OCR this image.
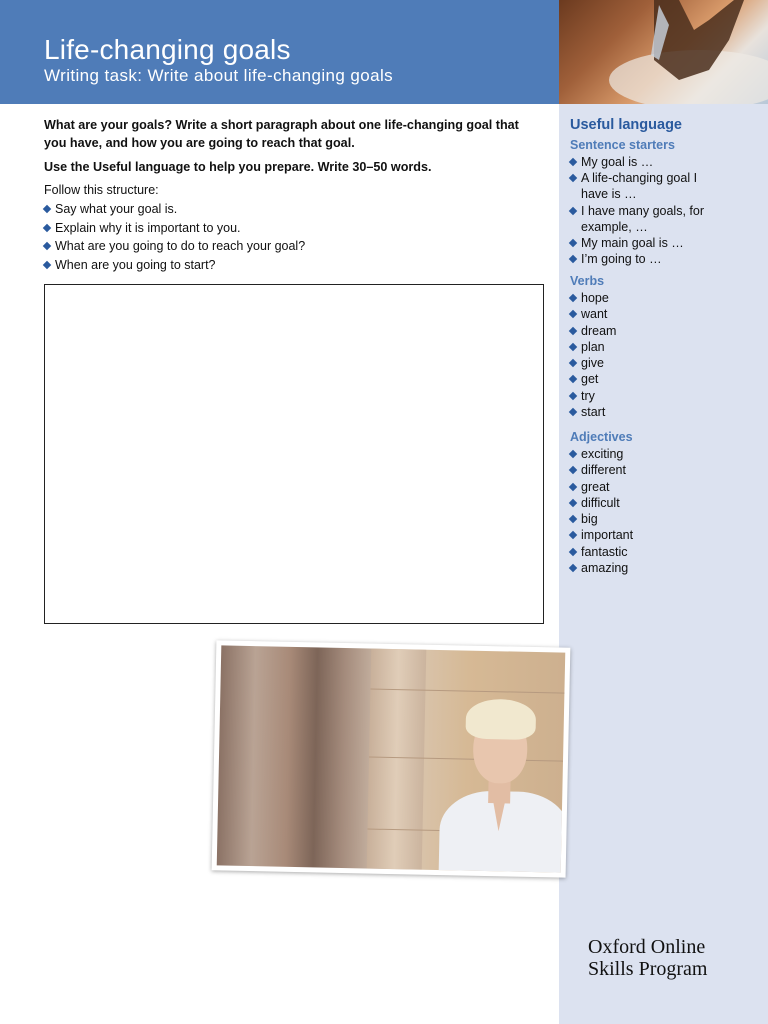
Life-changing goals
Writing task: Write about life-changing goals
Useful language
Sentence starters
My goal is …
A life-changing goal I have is …
I have many goals, for example, …
My main goal is …
I’m going to …
Verbs
hope
want
dream
plan
give
get
try
start
Adjectives
exciting
different
great
difficult
big
important
fantastic
amazing
Oxford Online
Skills Program
What are your goals? Write a short paragraph about one life-changing goal that you have, and how you are going to reach that goal.
Use the Useful language to help you prepare. Write 30–50 words.
Follow this structure:
Say what your goal is.
Explain why it is important to you.
What are you going to do to reach your goal?
When are you going to start?
